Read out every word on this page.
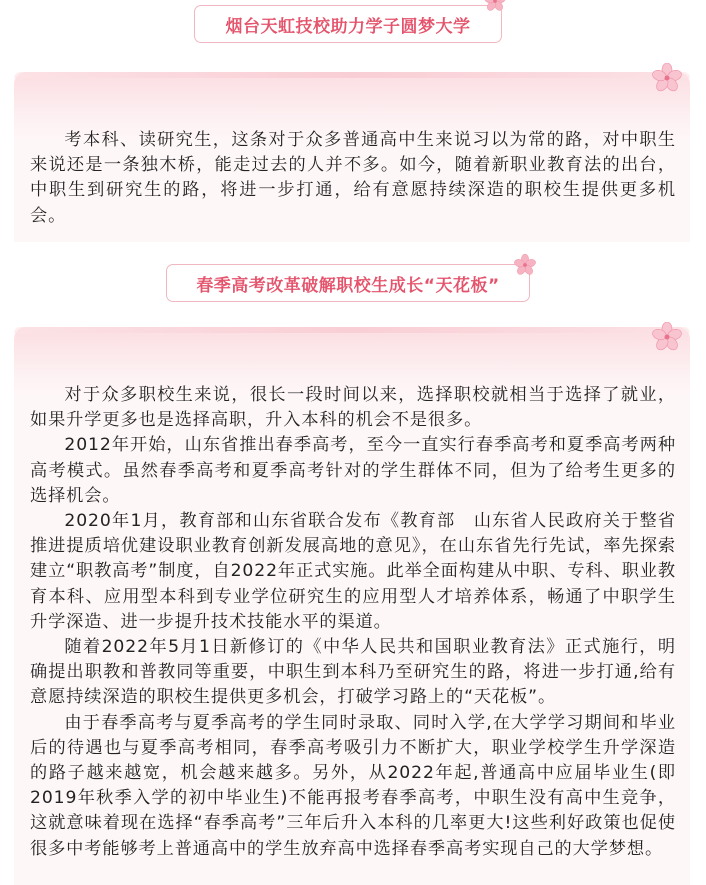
烟台天虹技校助力学子圆梦大学

考本科、读研究生，这条对于众多普通高中生来说习以为常的路，对中职生来说还是一条独木桥，能走过去的人并不多。如今，随着新职业教育法的出台，中职生到研究生的路，将进一步打通，给有意愿持续深造的职校生提供更多机会。

春季高考改革破解职校生成长“天花板”

对于众多职校生来说，很长一段时间以来，选择职校就相当于选择了就业，如果升学更多也是选择高职，升入本科的机会不是很多。

2012年开始，山东省推出春季高考，至今一直实行春季高考和夏季高考两种高考模式。虽然春季高考和夏季高考针对的学生群体不同，但为了给考生更多的选择机会。

2020年1月，教育部和山东省联合发布《教育部　山东省人民政府关于整省推进提质培优建设职业教育创新发展高地的意见》，在山东省先行先试，率先探索建立“职教高考”制度，自2022年正式实施。此举全面构建从中职、专科、职业教育本科、应用型本科到专业学位研究生的应用型人才培养体系，畅通了中职学生升学深造、进一步提升技术技能水平的渠道。

随着2022年5月1日新修订的《中华人民共和国职业教育法》正式施行，明确提出职教和普教同等重要，中职生到本科乃至研究生的路，将进一步打通,给有意愿持续深造的职校生提供更多机会，打破学习路上的“天花板”。

由于春季高考与夏季高考的学生同时录取、同时入学,在大学学习期间和毕业后的待遇也与夏季高考相同，春季高考吸引力不断扩大，职业学校学生升学深造的路子越来越宽，机会越来越多。另外，从2022年起,普通高中应届毕业生(即2019年秋季入学的初中毕业生)不能再报考春季高考，中职生没有高中生竞争，这就意味着现在选择“春季高考”三年后升入本科的几率更大!这些利好政策也促使很多中考能够考上普通高中的学生放弃高中选择春季高考实现自己的大学梦想。
